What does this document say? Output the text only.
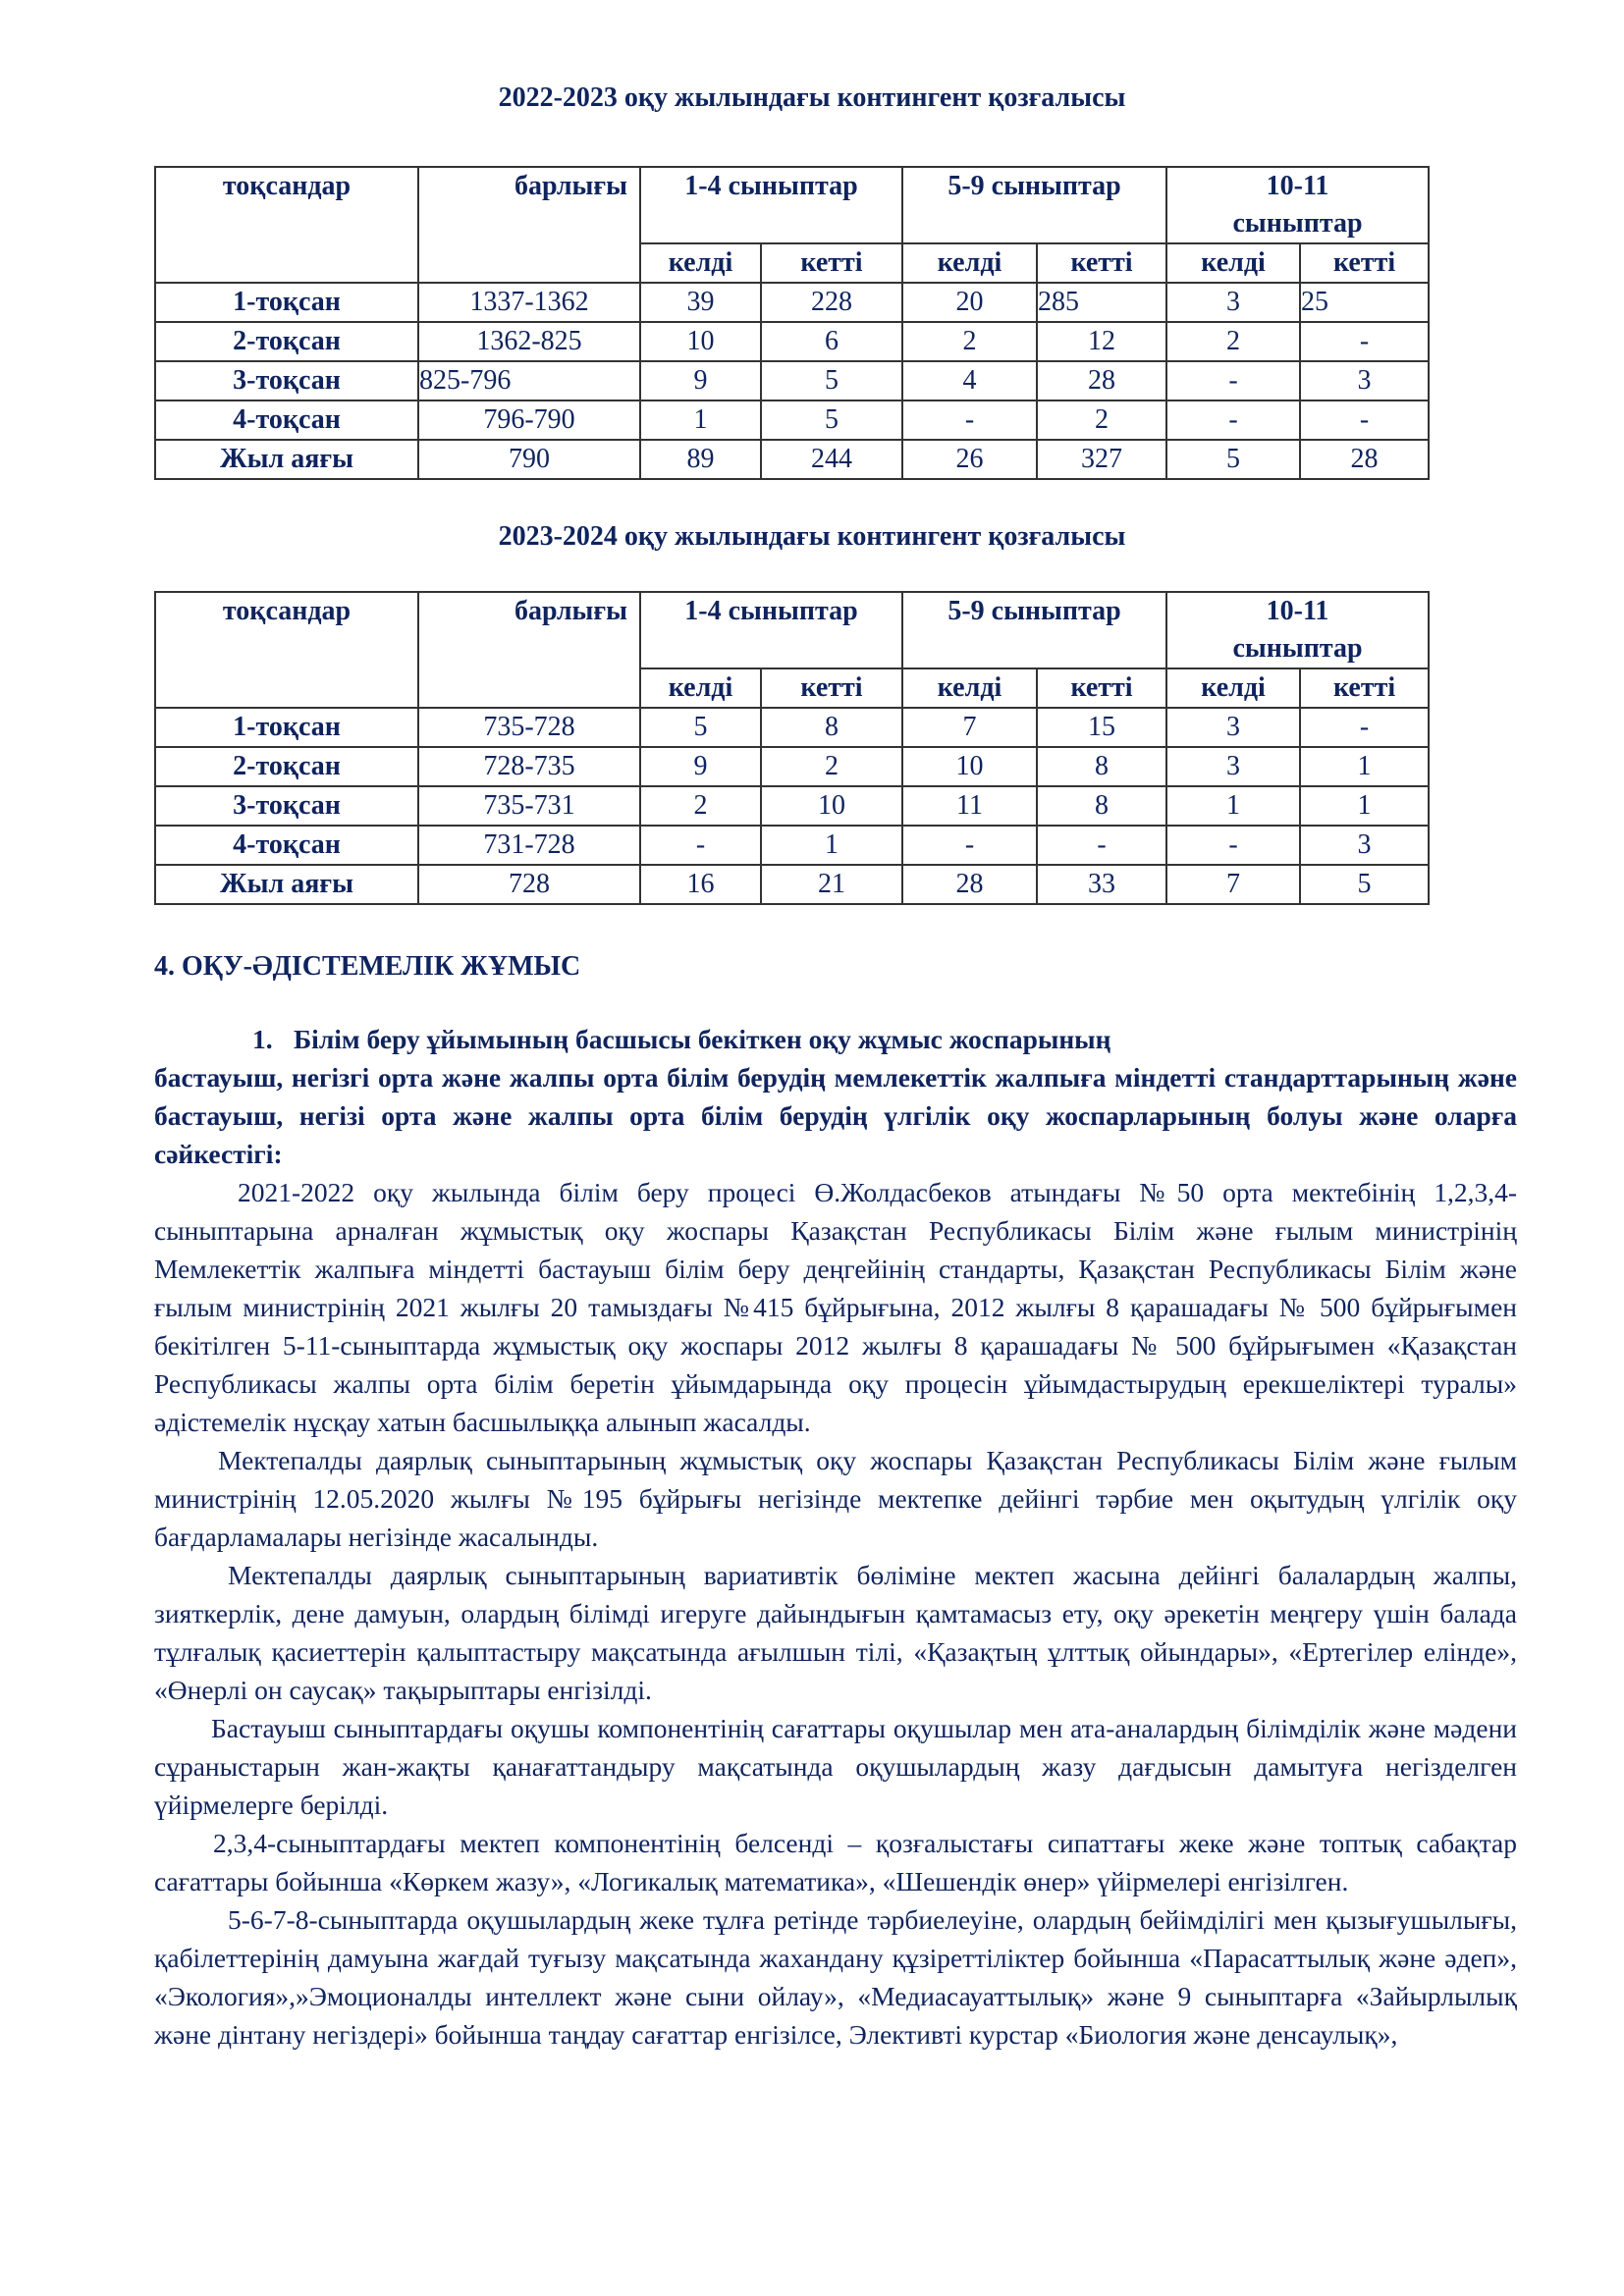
2022-2023 оқу жылындағы контингент қозғалысы
тоқсандар	барлығы	1-4 сыныптар		5-9 сыныптар		10-11
сыныптар	
		келді	кетті	келді	кетті	келді	кетті
1-тоқсан	1337-1362	39	228	20	285	3	25
2-тоқсан	1362-825	10	6	2	12	2	-
3-тоқсан	825-796	9	5	4	28	-	3
4-тоқсан	796-790	1	5	-	2	-	-
Жыл аяғы	790	89	244	26	327	5	28
2023-2024 оқу жылындағы контингент қозғалысы
тоқсандар	барлығы	1-4 сыныптар		5-9 сыныптар		10-11
сыныптар	
		келді	кетті	келді	кетті	келді	кетті
1-тоқсан	735-728	5	8	7	15	3	-
2-тоқсан	728-735	9	2	10	8	3	1
3-тоқсан	735-731	2	10	11	8	1	1
4-тоқсан	731-728	-	1	-	-	-	3
Жыл аяғы	728	16	21	28	33	7	5
4. ОҚУ-ӘДІСТЕМЕЛІК ЖҰМЫС
1. Білім беру ұйымының басшысы бекіткен оқу жұмыс жоспарының
бастауыш, негізгі орта және жалпы орта білім берудің мемлекеттік жалпыға міндетті стандарттарының және бастауыш, негізі орта және жалпы орта білім берудің үлгілік оқу жоспарларының болуы және оларға сәйкестігі:

2021-2022 оқу жылында білім беру процесі Ө.Жолдасбеков атындағы №50 орта мектебінің 1,2,3,4-сыныптарына арналған жұмыстық оқу жоспары Қазақстан Республикасы Білім және ғылым министрінің Мемлекеттік жалпыға міндетті бастауыш білім беру деңгейінің стандарты, Қазақстан Республикасы Білім және ғылым министрінің 2021 жылғы 20 тамыздағы №415 бұйрығына, 2012 жылғы 8 қарашадағы № 500 бұйрығымен бекітілген 5-11-сыныптарда жұмыстық оқу жоспары 2012 жылғы 8 қарашадағы № 500 бұйрығымен «Қазақстан Республикасы жалпы орта білім беретін ұйымдарында оқу процесін ұйымдастырудың ерекшеліктері туралы» әдістемелік нұсқау хатын басшылыққа алынып жасалды.

Мектепалды даярлық сыныптарының жұмыстық оқу жоспары Қазақстан Республикасы Білім және ғылым министрінің 12.05.2020 жылғы №195 бұйрығы негізінде мектепке дейінгі тәрбие мен оқытудың үлгілік оқу бағдарламалары негізінде жасалынды.

Мектепалды даярлық сыныптарының вариативтік бөліміне мектеп жасына дейінгі балалардың жалпы, зияткерлік, дене дамуын, олардың білімді игеруге дайындығын қамтамасыз ету, оқу әрекетін меңгеру үшін балада тұлғалық қасиеттерін қалыптастыру мақсатында ағылшын тілі, «Қазақтың ұлттық ойындары», «Ертегілер елінде», «Өнерлі он саусақ» тақырыптары енгізілді.

Бастауыш сыныптардағы оқушы компонентінің сағаттары оқушылар мен ата-аналардың білімділік және мәдени сұраныстарын жан-жақты қанағаттандыру мақсатында оқушылардың жазу дағдысын дамытуға негізделген үйірмелерге берілді.

2,3,4-сыныптардағы мектеп компонентінің белсенді – қозғалыстағы сипаттағы жеке және топтық сабақтар сағаттары бойынша «Көркем жазу», «Логикалық математика», «Шешендік өнер» үйірмелері енгізілген.

5-6-7-8-сыныптарда оқушылардың жеке тұлға ретінде тәрбиелеуіне, олардың бейімділігі мен қызығушылығы, қабілеттерінің дамуына жағдай туғызу мақсатында жахандану құзіреттіліктер бойынша «Парасаттылық және әдеп», «Экология»,»Эмоционалды интеллект және сыни ойлау», «Медиасауаттылық» және 9 сыныптарға «Зайырлылық және дінтану негіздері» бойынша таңдау сағаттар енгізілсе, Элективті курстар «Биология және денсаулық»,
